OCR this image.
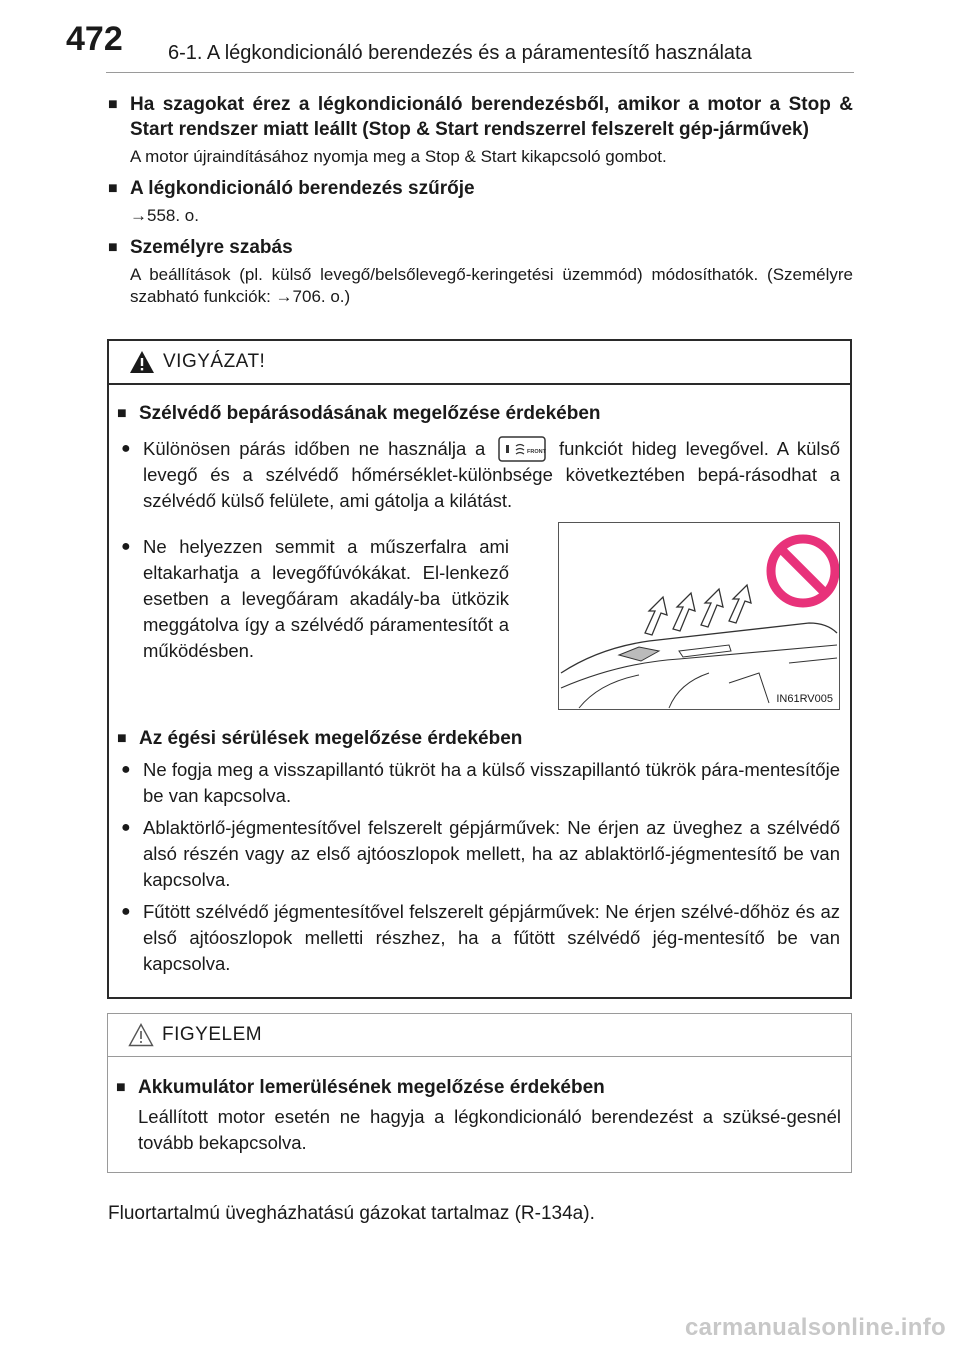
472 6-1. A légkondicionáló berendezés és a páramentesítő használata
■ Ha szagokat érez a légkondicionáló berendezésből, amikor a motor a Stop & Start rendszer miatt leállt (Stop & Start rendszerrel felszerelt gép-járművek)
A motor újraindításához nyomja meg a Stop & Start kikapcsoló gombot.
■ A légkondicionáló berendezés szűrője
→558. o.
■ Személyre szabás
A beállítások (pl. külső levegő/belsőlevegő-keringetési üzemmód) módosíthatók. (Személyre szabható funkciók: →706. o.)
VIGYÁZAT!
■ Szélvédő bepárásodásának megelőzése érdekében
● Különösen párás időben ne használja a	FRONT funkciót hideg levegővel. A külső levegő és a szélvédő hőmérséklet-különbsége következtében bepá-rásodhat a szélvédő külső felülete, ami gátolja a kilátást.
● Ne helyezzen semmit a műszerfalra ami eltakarhatja a levegőfúvókákat. El-lenkező esetben a levegőáram akadály-ba ütközik meggátolva így a szélvédő páramentesítőt a működésben.
IN61RV005
■ Az égési sérülések megelőzése érdekében
● Ne fogja meg a visszapillantó tükröt ha a külső visszapillantó tükrök pára-mentesítője be van kapcsolva.
● Ablaktörlő-jégmentesítővel felszerelt gépjárművek: Ne érjen az üveghez a szélvédő alsó részén vagy az első ajtóoszlopok mellett, ha az ablaktörlő-jégmentesítő be van kapcsolva.
● Fűtött szélvédő jégmentesítővel felszerelt gépjárművek: Ne érjen szélvé-dőhöz és az első ajtóoszlopok melletti részhez, ha a fűtött szélvédő jég-mentesítő be van kapcsolva.
FIGYELEM
■ Akkumulátor lemerülésének megelőzése érdekében
Leállított motor esetén ne hagyja a légkondicionáló berendezést a szüksé-gesnél tovább bekapcsolva.
Fluortartalmú üvegházhatású gázokat tartalmaz (R-134a).
carmanualsonline.info
